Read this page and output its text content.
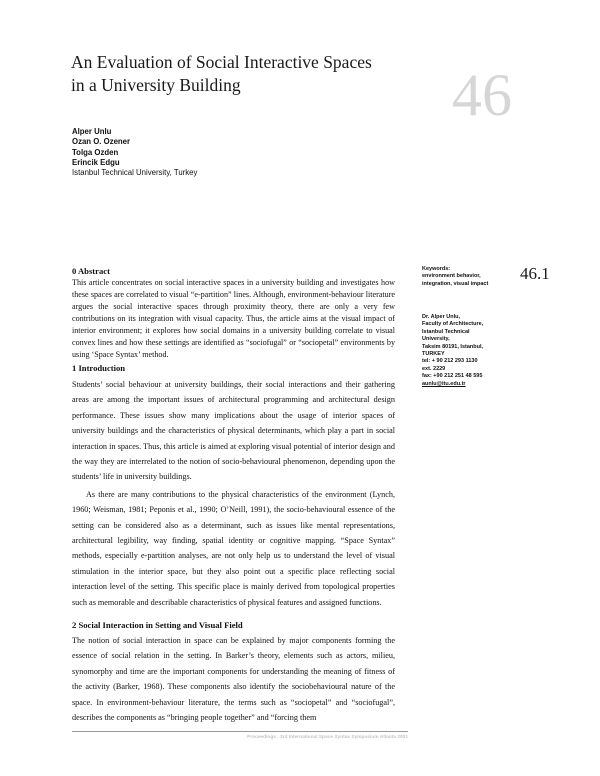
An Evaluation of Social Interactive Spaces
in a University Building	46
Alper Unlu
Ozan O. Ozener
Tolga Ozden
Erincik Edgu
Istanbul Technical University, Turkey

0 Abstract

This article concentrates on social interactive spaces in a university building and investigates how these spaces are correlated to visual “e-partition” lines. Although, environment-behaviour literature argues the social interactive spaces through proximity theory, there are only a very few contributions on its integration with visual capacity. Thus, the article aims at the visual impact of interior environment; it explores how social domains in a university building correlate to visual convex lines and how these settings are identified as “sociofugal” or “sociopetal” environments by using ‘Space Syntax’ method.

1 Introduction

Students’ social behaviour at university buildings, their social interactions and their gathering areas are among the important issues of architectural programming and architectural design performance. These issues show many implications about the usage of interior spaces of university buildings and the characteristics of physical determinants, which play a part in social interaction in spaces. Thus, this article is aimed at exploring visual potential of interior design and the way they are interrelated to the notion of socio-behavioural phenomenon, depending upon the students’ life in university buildings.

As there are many contributions to the physical characteristics of the environment (Lynch, 1960; Weisman, 1981; Peponis et al., 1990; O’Neill, 1991), the socio-behavioural essence of the setting can be considered also as a determinant, such as issues like mental representations, architectural legibility, way finding, spatial identity or cognitive mapping. “Space Syntax” methods, especially e-partition analyses, are not only help us to understand the level of visual stimulation in the interior space, but they also point out a specific place reflecting social interaction level of the setting. This specific place is mainly derived from topological properties such as memorable and describable characteristics of physical features and assigned functions.

2 Social Interaction in Setting and Visual Field

The notion of social interaction in space can be explained by major components forming the essence of social relation in the setting. In Barker’s theory, elements such as actors, milieu, synomorphy and time are the important components for understanding the meaning of fitness of the activity (Barker, 1968). These components also identify the sociobehavioural nature of the space. In environment-behaviour literature, the terms such as “sociopetal” and “sociofugal”, describes the components as “bringing people together” and “forcing them

Keywords:
environment behavior,
integration, visual impact
46.1
Dr. Alper Unlu,
Faculty of Architecture,
Istanbul Technical
University,
Taksim 80191, Istanbul,
TURKEY
tel: + 90 212 293 1130
ext. 2229
fax: +90 212 251 48 595
aunlu@itu.edu.tr
Proceedings . 3rd International Space Syntax Symposium Atlanta 2001
